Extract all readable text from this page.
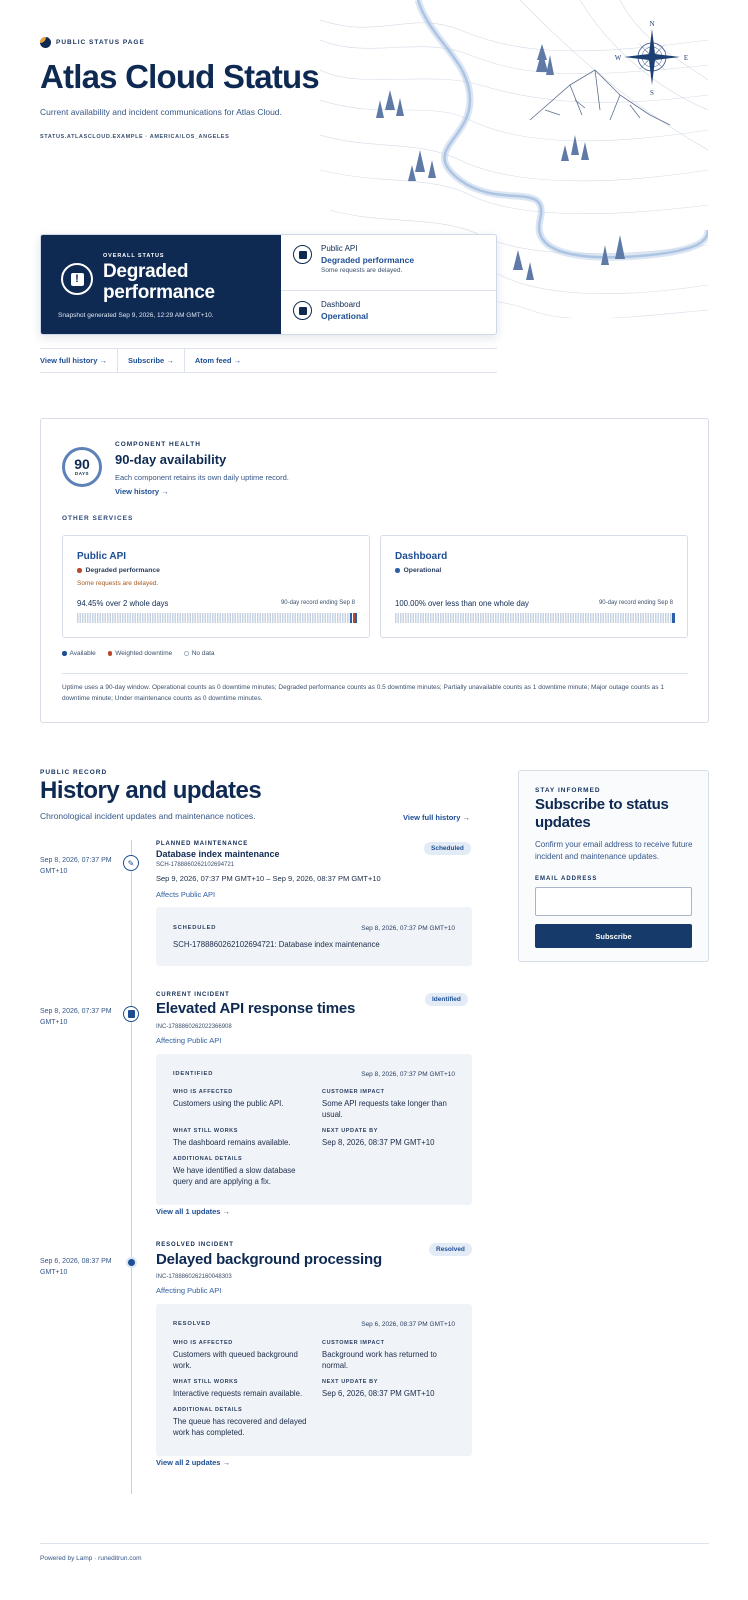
N
S
E
W
PUBLIC STATUS PAGE
Atlas Cloud Status

Current availability and incident communications for Atlas Cloud.

STATUS.ATLASCLOUD.EXAMPLE · AMERICA/LOS_ANGELES

!
OVERALL STATUS
Degraded performance
Snapshot generated Sep 9, 2026, 12:29 AM GMT+10.
Public API
Degraded performance
Some requests are delayed.
Dashboard
Operational
View full history →	Subscribe →	Atom feed →
90
DAYS
COMPONENT HEALTH
90-day availability

Each component retains its own daily uptime record.

View history →
OTHER SERVICES
Public API
Degraded performance
Some requests are delayed.
94.45% over 2 whole days	90-day record ending Sep 8
Dashboard
Operational
100.00% over less than one whole day	90-day record ending Sep 8
Available	Weighted downtime	No data

Uptime uses a 90-day window. Operational counts as 0 downtime minutes; Degraded performance counts as 0.5 downtime minutes; Partially unavailable counts as 1 downtime minute; Major outage counts as 1 downtime minute; Under maintenance counts as 0 downtime minutes.

PUBLIC RECORD
History and updates

Chronological incident updates and maintenance notices.	View full history →
Sep 8, 2026, 07:37 PM GMT+10
✎
PLANNED MAINTENANCE
Database index maintenance
SCH-1788860262102694721
Sep 9, 2026, 07:37 PM GMT+10 – Sep 9, 2026, 08:37 PM GMT+10
Affects Public API
Scheduled
SCHEDULED	Sep 8, 2026, 07:37 PM GMT+10
SCH-1788860262102694721: Database index maintenance
Sep 8, 2026, 07:37 PM GMT+10
CURRENT INCIDENT
Elevated API response times
INC-1788860262022366908
Affecting Public API
Identified
IDENTIFIED	Sep 8, 2026, 07:37 PM GMT+10
WHO IS AFFECTED
Customers using the public API.
CUSTOMER IMPACT
Some API requests take longer than usual.
WHAT STILL WORKS
The dashboard remains available.
NEXT UPDATE BY
Sep 8, 2026, 08:37 PM GMT+10
ADDITIONAL DETAILS
We have identified a slow database query and are applying a fix.
View all 1 updates →
Sep 6, 2026, 08:37 PM GMT+10
RESOLVED INCIDENT
Delayed background processing
INC-1788860262160048303
Affecting Public API
Resolved
RESOLVED	Sep 6, 2026, 08:37 PM GMT+10
WHO IS AFFECTED
Customers with queued background work.
CUSTOMER IMPACT
Background work has returned to normal.
WHAT STILL WORKS
Interactive requests remain available.
NEXT UPDATE BY
Sep 6, 2026, 08:37 PM GMT+10
ADDITIONAL DETAILS
The queue has recovered and delayed work has completed.
View all 2 updates →
STAY INFORMED
Subscribe to status updates

Confirm your email address to receive future incident and maintenance updates.

EMAIL ADDRESS
Subscribe
Powered by Lamp · runeditrun.com
